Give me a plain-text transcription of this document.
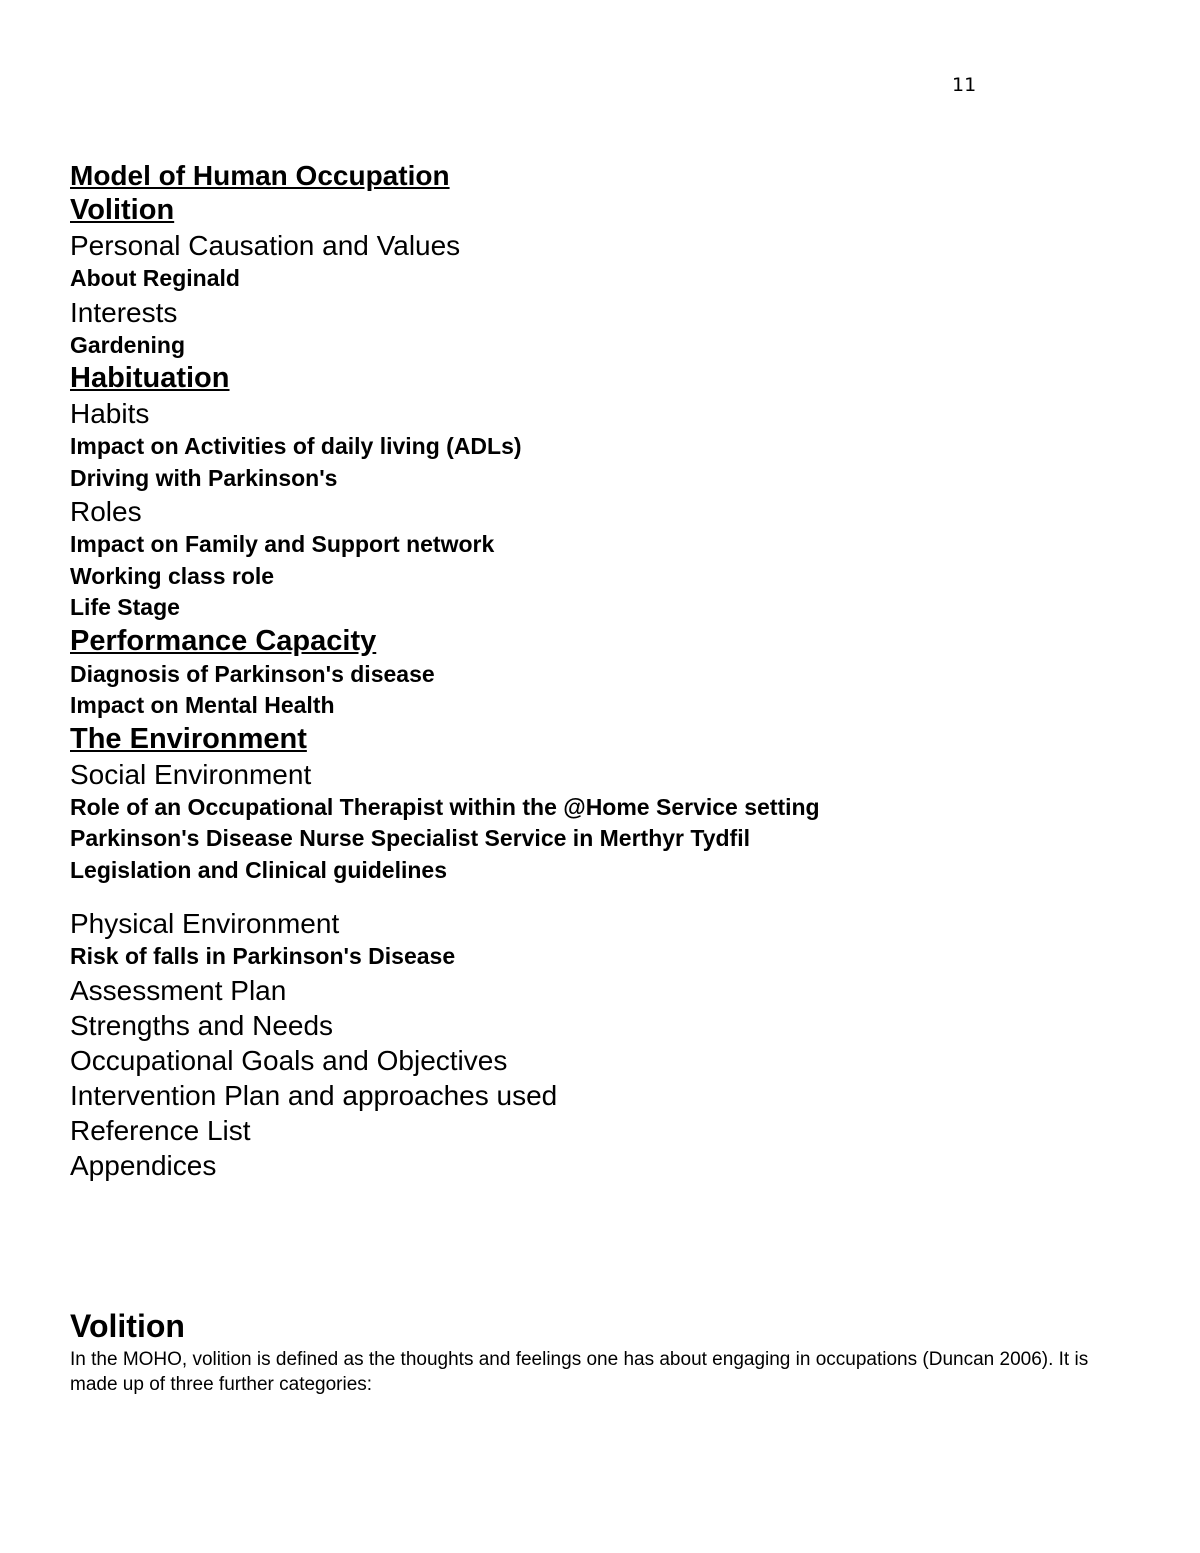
11
Model of Human Occupation
Volition
Personal Causation and Values
About Reginald
Interests
Gardening
Habituation
Habits
Impact on Activities of daily living (ADLs)
Driving with Parkinson's
Roles
Impact on Family and Support network
Working class role
Life Stage
Performance Capacity
Diagnosis of Parkinson's disease
Impact on Mental Health
The Environment
Social Environment
Role of an Occupational Therapist within the @Home Service setting
Parkinson's Disease Nurse Specialist Service in Merthyr Tydfil
Legislation and Clinical guidelines
Physical Environment
Risk of falls in Parkinson's Disease
Assessment Plan
Strengths and Needs
Occupational Goals and Objectives
Intervention Plan and approaches used
Reference List
Appendices
Volition
In the MOHO, volition is defined as the thoughts and feelings one has about engaging in occupations (Duncan 2006). It is made up of three further categories:
